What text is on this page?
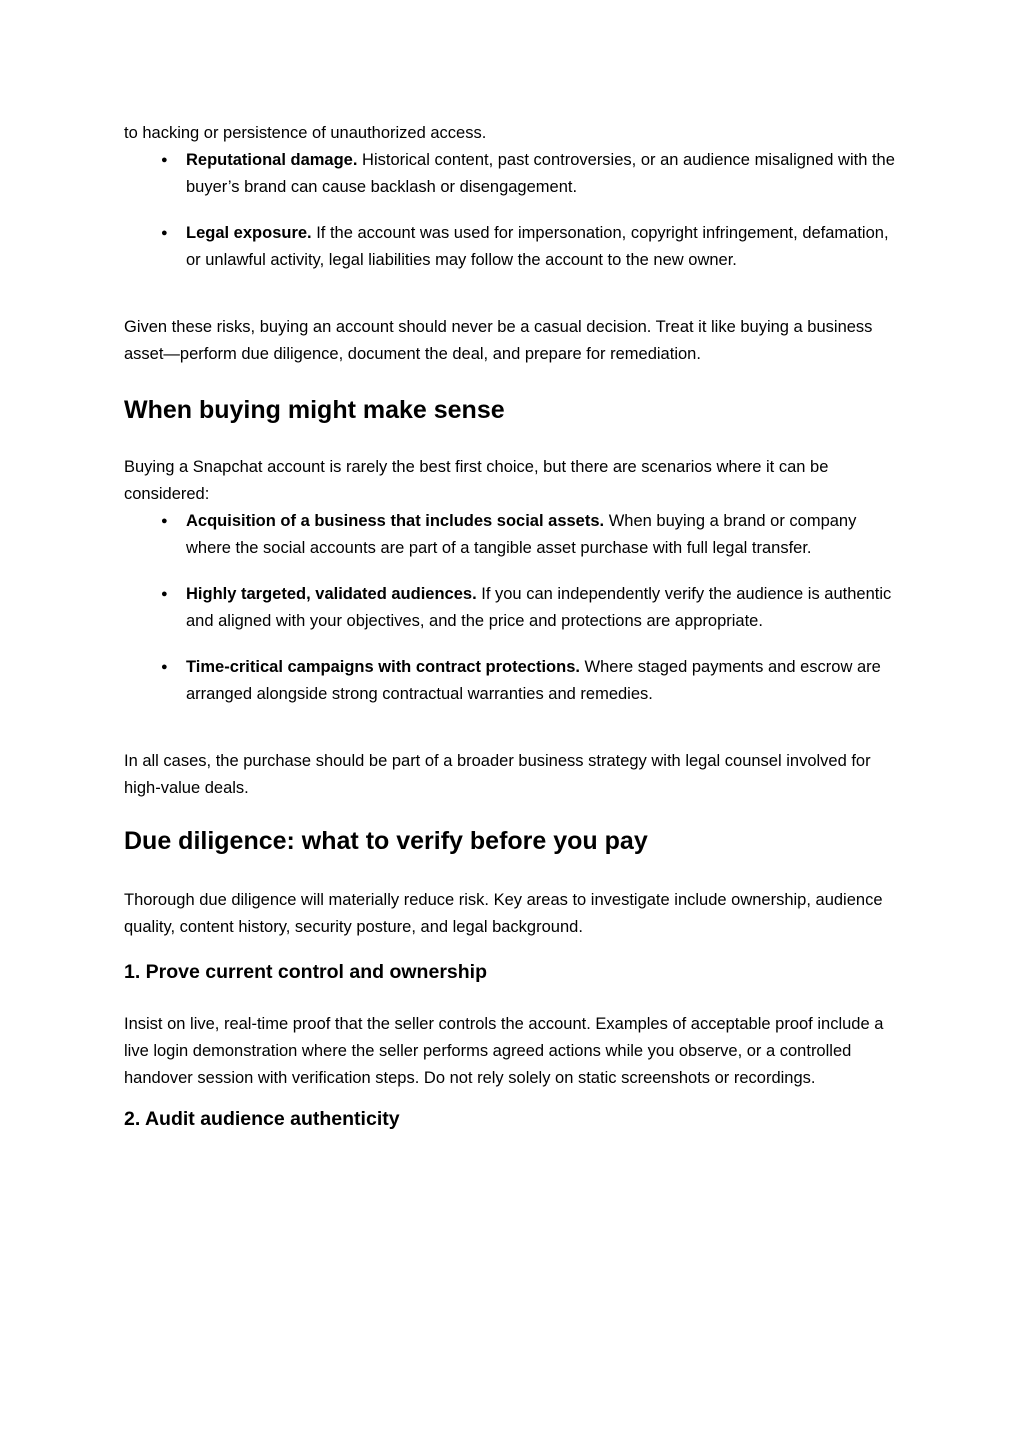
to hacking or persistence of unauthorized access.

● Reputational damage. Historical content, past controversies, or an audience misaligned with the buyer’s brand can cause backlash or disengagement.
● Legal exposure. If the account was used for impersonation, copyright infringement, defamation, or unlawful activity, legal liabilities may follow the account to the new owner.

Given these risks, buying an account should never be a casual decision. Treat it like buying a business asset—perform due diligence, document the deal, and prepare for remediation.

When buying might make sense

Buying a Snapchat account is rarely the best first choice, but there are scenarios where it can be considered:

● Acquisition of a business that includes social assets. When buying a brand or company where the social accounts are part of a tangible asset purchase with full legal transfer.
● Highly targeted, validated audiences. If you can independently verify the audience is authentic and aligned with your objectives, and the price and protections are appropriate.
● Time-critical campaigns with contract protections. Where staged payments and escrow are arranged alongside strong contractual warranties and remedies.

In all cases, the purchase should be part of a broader business strategy with legal counsel involved for high-value deals.

Due diligence: what to verify before you pay

Thorough due diligence will materially reduce risk. Key areas to investigate include ownership, audience quality, content history, security posture, and legal background.

1. Prove current control and ownership

Insist on live, real-time proof that the seller controls the account. Examples of acceptable proof include a live login demonstration where the seller performs agreed actions while you observe, or a controlled handover session with verification steps. Do not rely solely on static screenshots or recordings.

2. Audit audience authenticity
